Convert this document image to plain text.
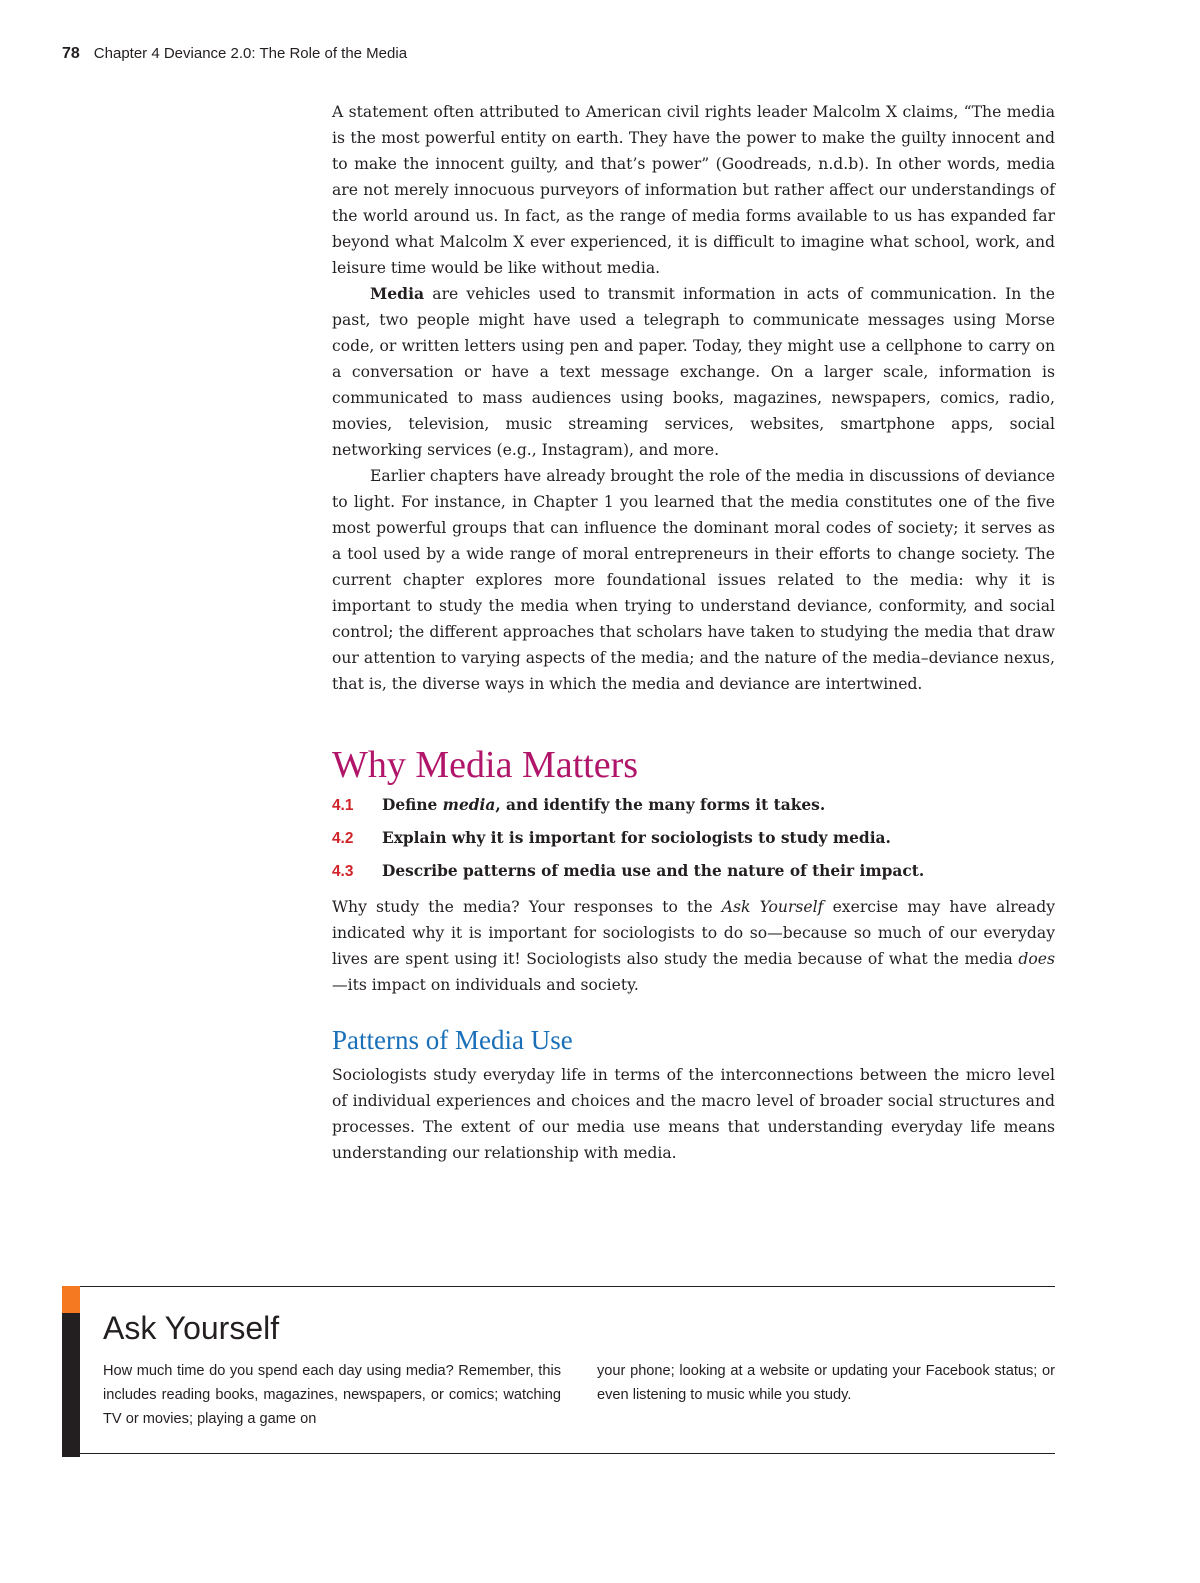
78 Chapter 4 Deviance 2.0: The Role of the Media

A statement often attributed to American civil rights leader Malcolm X claims, “The media is the most powerful entity on earth. They have the power to make the guilty innocent and to make the innocent guilty, and that’s power” (Goodreads, n.d.b). In other words, media are not merely innocuous purveyors of information but rather affect our understandings of the world around us. In fact, as the range of media forms available to us has expanded far beyond what Malcolm X ever experienced, it is difficult to imagine what school, work, and leisure time would be like without media.

Media are vehicles used to transmit information in acts of communication. In the past, two people might have used a telegraph to communicate messages using Morse code, or written letters using pen and paper. Today, they might use a cellphone to carry on a conversation or have a text message exchange. On a larger scale, information is communicated to mass audiences using books, magazines, newspapers, comics, radio, movies, television, music streaming services, websites, smartphone apps, social networking services (e.g., Instagram), and more.

Earlier chapters have already brought the role of the media in discussions of deviance to light. For instance, in Chapter 1 you learned that the media constitutes one of the five most powerful groups that can influence the dominant moral codes of society; it serves as a tool used by a wide range of moral entrepreneurs in their efforts to change society. The current chapter explores more foundational issues related to the media: why it is important to study the media when trying to understand deviance, conformity, and social control; the different approaches that scholars have taken to studying the media that draw our attention to varying aspects of the media; and the nature of the media–deviance nexus, that is, the diverse ways in which the media and deviance are intertwined.

Why Media Matters
4.1	Define media, and identify the many forms it takes.
4.2	Explain why it is important for sociologists to study media.
4.3	Describe patterns of media use and the nature of their impact.

Why study the media? Your responses to the Ask Yourself exercise may have already indicated why it is important for sociologists to do so—because so much of our everyday lives are spent using it! Sociologists also study the media because of what the media does—its impact on individuals and society.

Patterns of Media Use

Sociologists study everyday life in terms of the interconnections between the micro level of individual experiences and choices and the macro level of broader social structures and processes. The extent of our media use means that understanding everyday life means understanding our relationship with media.

Ask Yourself
How much time do you spend each day using media? Remember, this includes reading books, magazines, newspapers, or comics; watching TV or movies; playing a game on
your phone; looking at a website or updating your Facebook status; or even listening to music while you study.
